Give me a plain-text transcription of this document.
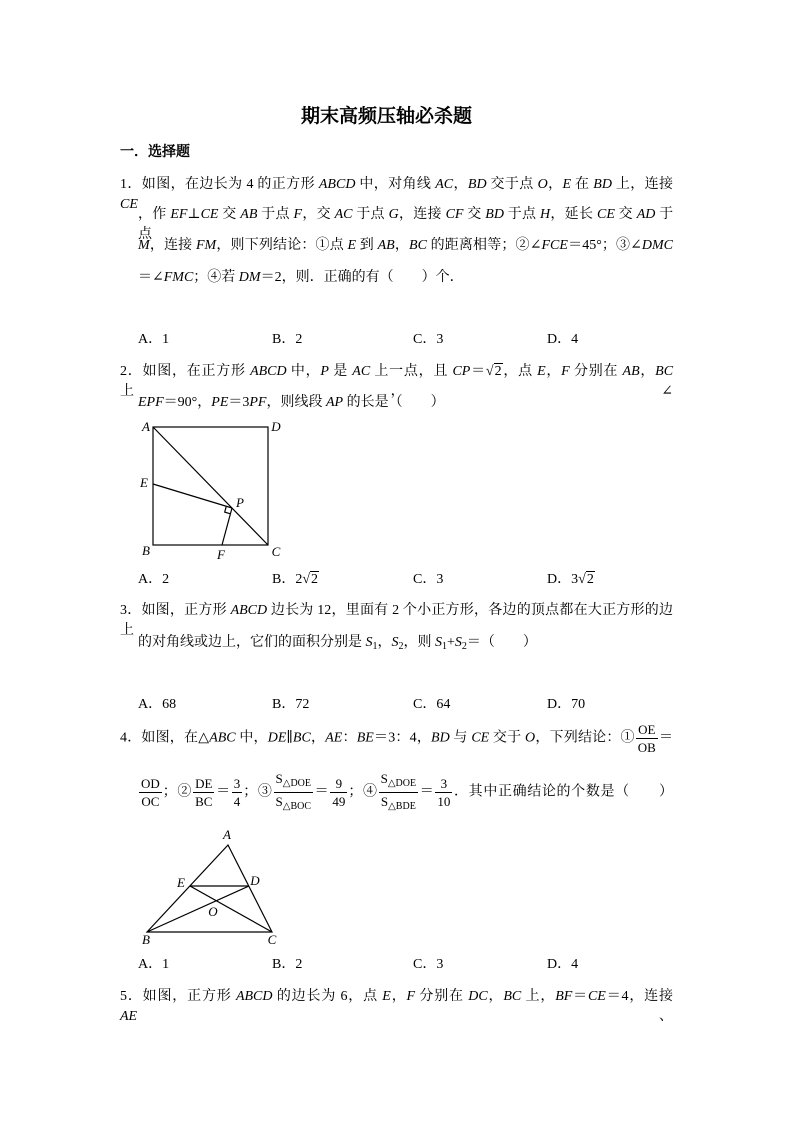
期末高频压轴必杀题
一．选择题
1．如图，在边长为 4 的正方形 ABCD 中，对角线 AC，BD 交于点 O，E 在 BD 上，连接 CE
，作 EF⊥CE 交 AB 于点 F，交 AC 于点 G，连接 CF 交 BD 于点 H，延长 CE 交 AD 于点
M，连接 FM，则下列结论：①点 E 到 AB，BC 的距离相等；②∠FCE＝45°；③∠DMC
＝∠FMC；④若 DM＝2，则．正确的有（　　）个．
A．1	B．2	C．3	D．4
2．如图，在正方形 ABCD 中，P 是 AC 上一点，且 CP＝ √ 2，点 E，F 分别在 AB，BC 上，∠
EPF＝90°，PE＝3PF，则线段 AP 的长是（　　）
A	D
E
P
B	F	C
A．2	B．2 √ 2	C．3	D．3 √ 2
3．如图，正方形 ABCD 边长为 12，里面有 2 个小正方形，各边的顶点都在大正方形的边上
的对角线或边上，它们的面积分别是 $S_1$，$S_2$，则 $S_1+S_2=$（　　）
A．68	B．72	C．64	D．70
4．如图，在△ABC 中，DE∥BC，AE：BE＝3：4，BD 与 CE 交于 O，下列结论：① $\frac{OE}{OB}$ ＝
$\frac{OD}{OC}$ ；② $\frac{DE}{BC} = \frac{3}{4}$ ；③ $\frac{S_{\triangle DOE}}{S_{\triangle BOC}} = \frac{9}{49}$ ；④ $\frac{S_{\triangle DOE}}{S_{\triangle BDE}} = \frac{3}{10}$ ．其中正确结论的个数是（　　）
A
E	D
O
B	C
A．1	B．2	C．3	D．4
5．如图，正方形 ABCD 的边长为 6，点 E，F 分别在 DC，BC 上，BF＝CE＝4，连接 AE、
